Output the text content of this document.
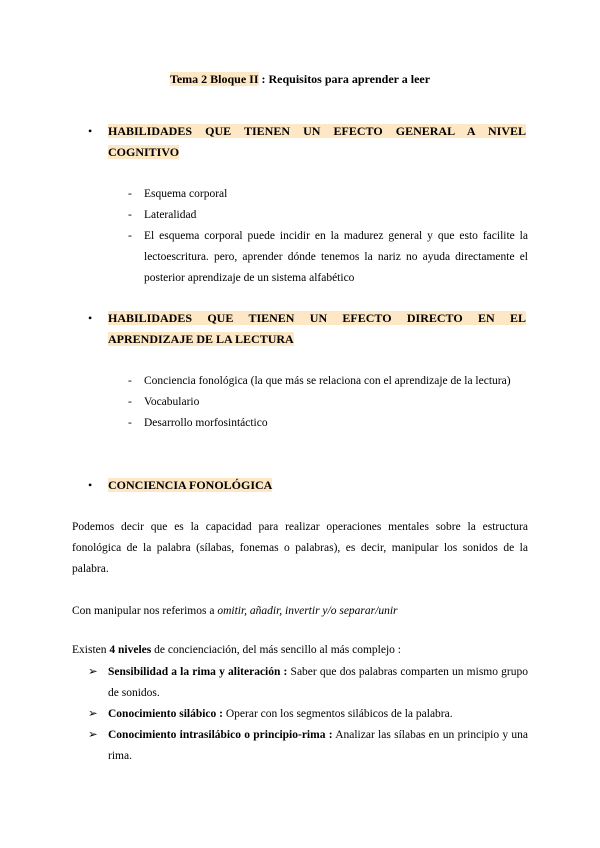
Tema 2 Bloque II : Requisitos para aprender a leer
• HABILIDADES QUE TIENEN UN EFECTO GENERAL A NIVEL COGNITIVO
- Esquema corporal
- Lateralidad
- El esquema corporal puede incidir en la madurez general y que esto facilite la lectoescritura. pero, aprender dónde tenemos la nariz no ayuda directamente el posterior aprendizaje de un sistema alfabético
• HABILIDADES QUE TIENEN UN EFECTO DIRECTO EN EL APRENDIZAJE DE LA LECTURA
- Conciencia fonológica (la que más se relaciona con el aprendizaje de la lectura)
- Vocabulario
- Desarrollo morfosintáctico
• CONCIENCIA FONOLÓGICA
Podemos decir que es la capacidad para realizar operaciones mentales sobre la estructura fonológica de la palabra (sílabas, fonemas o palabras), es decir, manipular los sonidos de la palabra.
Con manipular nos referimos a omitir, añadir, invertir y/o separar/unir
Existen 4 niveles de concienciación, del más sencillo al más complejo :
➢ Sensibilidad a la rima y aliteración : Saber que dos palabras comparten un mismo grupo de sonidos.
➢ Conocimiento silábico : Operar con los segmentos silábicos de la palabra.
➢ Conocimiento intrasilábico o principio-rima : Analizar las sílabas en un principio y una rima.
